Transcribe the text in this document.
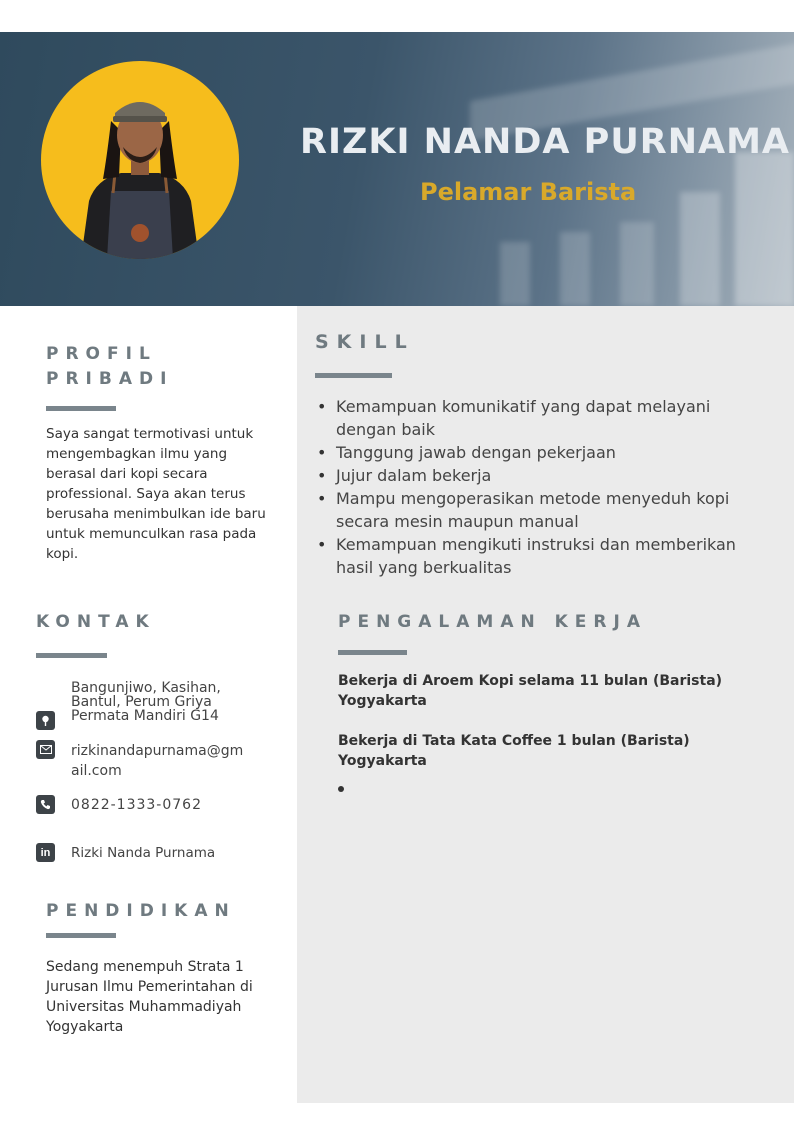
RIZKI NANDA PURNAMA
Pelamar Barista
PROFIL
PRIBADI
Saya sangat termotivasi untuk mengembagkan ilmu yang berasal dari kopi secara professional. Saya akan terus berusaha menimbulkan ide baru untuk memunculkan rasa pada kopi.
KONTAK
Bangunjiwo, Kasihan, Bantul, Perum Griya Permata Mandiri G14
rizkinandapurnama@gmail.com
0822-1333-0762
in Rizki Nanda Purnama
PENDIDIKAN
Sedang menempuh Strata 1 Jurusan Ilmu Pemerintahan di Universitas Muhammadiyah Yogyakarta
SKILL
• Kemampuan komunikatif yang dapat melayani dengan baik
• Tanggung jawab dengan pekerjaan
• Jujur dalam bekerja
• Mampu mengoperasikan metode menyeduh kopi secara mesin maupun manual
• Kemampuan mengikuti instruksi dan memberikan hasil yang berkualitas
PENGALAMAN KERJA
Bekerja di Aroem Kopi selama 11 bulan (Barista)
Yogyakarta
Bekerja di Tata Kata Coffee 1 bulan (Barista)
Yogyakarta
